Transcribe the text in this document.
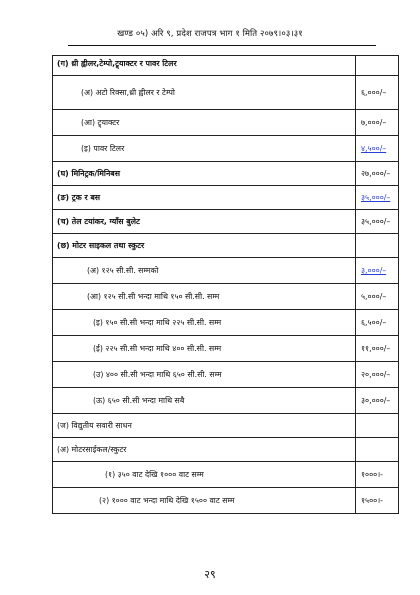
खण्ड ०५) अरि ९, प्रदेश राजपत्र भाग १ मिति २०७९।०३।३१
(ग) थ्री ह्वीलर,टेम्पो,ट्र्याक्टर र पावर टिलर	
(अ) अटो रिक्सा,थ्री ह्वीलर र टेम्पो	६,०००/–
(आ) ट्र्याक्टर	७,०००/–
(इ) पावर टिलर	४,५००/–
(घ) मिनिट्रक/मिनिबस	२७,०००/–
(ङ) ट्रक र बस	३५,०००/–
(च) तेल टयांकर, ग्याँस बुलेट	३५,०००/–
(छ) मोटर साइकल तथा स्कुटर	
(अ) १२५ सी.सी. सम्मको	३,०००/–
(आ) १२५ सी.सी भन्दा माथि १५० सी.सी. सम्म	५,०००/–
(इ) १५० सी.सी भन्दा माथि २२५ सी.सी. सम्म	६,५००/–
(ई) २२५ सी.सी भन्दा माथि ४०० सी.सी. सम्म	११,०००/–
(उ) ४०० सी.सी भन्दा माथि ६५० सी.सी. सम्म	२०,०००/–
(ऊ) ६५० सी.सी भन्दा माथि सबै	३०,०००/–
(ज) विद्युतीय सवारी साधन	
(अ) मोटरसाईकल/स्कुटर	
(१) ३५० वाट देखि १००० वाट सम्म	१०००।-
(२) १००० वाट भन्दा माथि देखि १५०० वाट सम्म	१५००।-
२९
